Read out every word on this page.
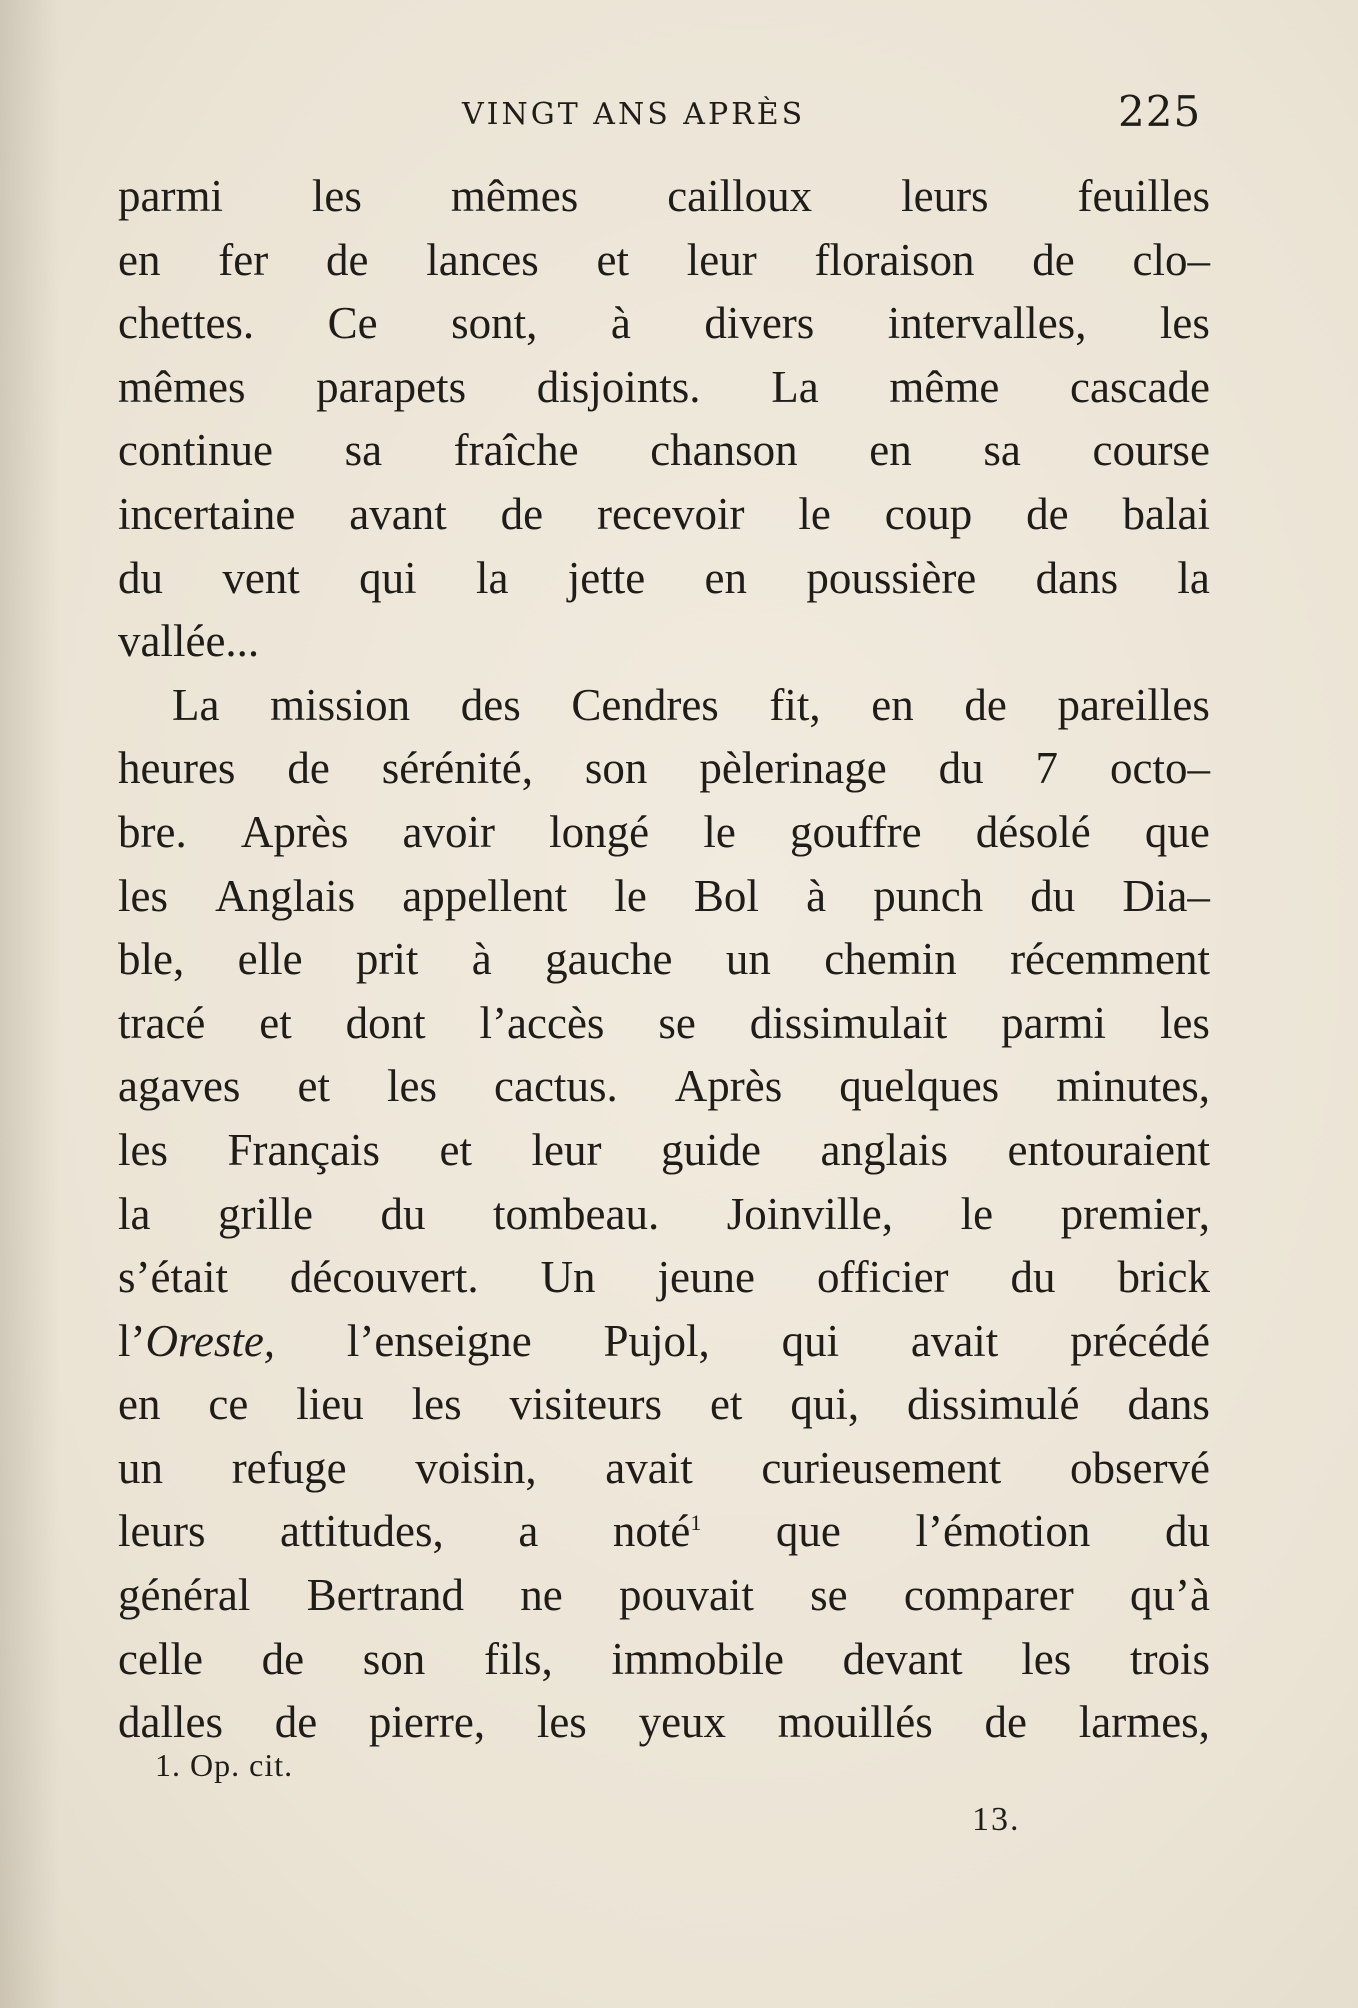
VINGT ANS APRÈS	225
parmi les mêmes cailloux leurs feuilles
en fer de lances et leur floraison de clo–
chettes. Ce sont, à divers intervalles, les
mêmes parapets disjoints. La même cascade
continue sa fraîche chanson en sa course
incertaine avant de recevoir le coup de balai
du vent qui la jette en poussière dans la
vallée...
La mission des Cendres fit, en de pareilles
heures de sérénité, son pèlerinage du 7 octo–
bre. Après avoir longé le gouffre désolé que
les Anglais appellent le Bol à punch du Dia–
ble, elle prit à gauche un chemin récemment
tracé et dont l’accès se dissimulait parmi les
agaves et les cactus. Après quelques minutes,
les Français et leur guide anglais entouraient
la grille du tombeau. Joinville, le premier,
s’était découvert. Un jeune officier du brick
l’Oreste, l’enseigne Pujol, qui avait précédé
en ce lieu les visiteurs et qui, dissimulé dans
un refuge voisin, avait curieusement observé
leurs attitudes, a noté$^1$ que l’émotion du
général Bertrand ne pouvait se comparer qu’à
celle de son fils, immobile devant les trois
dalles de pierre, les yeux mouillés de larmes,
1. Op. cit.
13.
